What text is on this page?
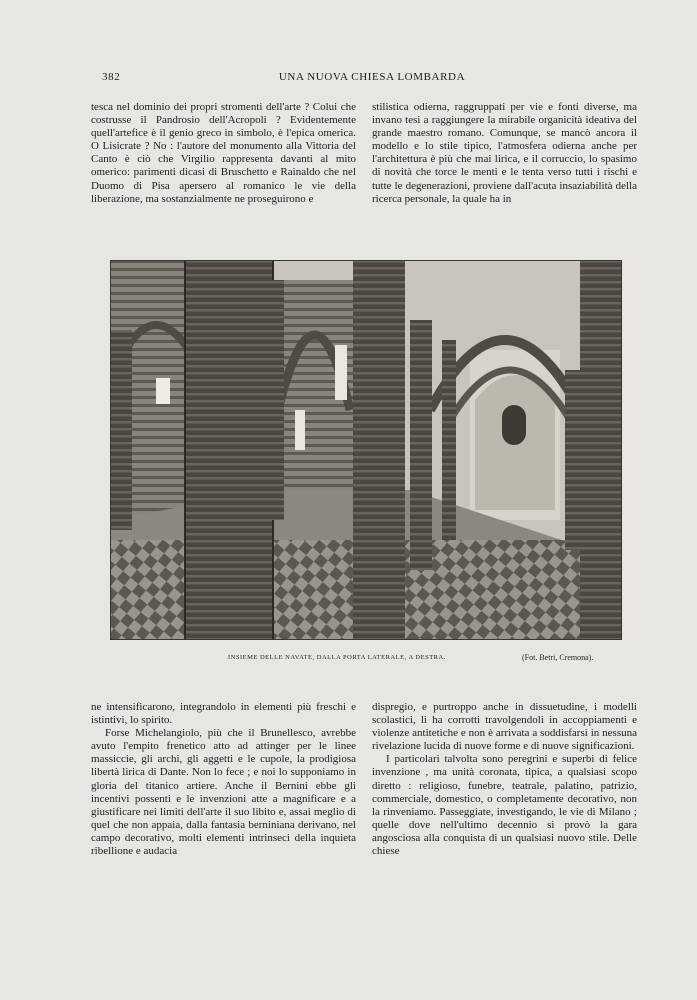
382	UNA NUOVA CHIESA LOMBARDA

tesca nel dominio dei propri stromenti dell'arte ? Colui che costrusse il Pandrosio dell'Acropoli ? Evidentemente quell'artefice è il genio greco in simbolo, è l'epica omerica. O Lisicrate ? No : l'autore del monumento alla Vittoria del Canto è ciò che Virgilio rappresenta davanti al mito omerico: parimenti dicasi di Bruschetto e Rainaldo che nel Duomo di Pisa apersero al romanico le vie della liberazione, ma sostanzialmente ne proseguirono e

stilistica odierna, raggruppati per vie e fonti diverse, ma invano tesi a raggiungere la mirabile organicità ideativa del grande maestro romano. Comunque, se mancò ancora il modello e lo stile tipico, l'atmosfera odierna anche per l'architettura è più che mai lirica, e il corruccio, lo spasimo di novità che torce le menti e le tenta verso tutti i rischi e tutte le degenerazioni, proviene dall'acuta insaziabilità della ricerca personale, la quale ha in

INSIEME DELLE NAVATE, DALLA PORTA LATERALE, A DESTRA.	(Fot. Betri, Cremona).

ne intensificarono, integrandolo in elementi più freschi e istintivi, lo spirito.

Forse Michelangiolo, più che il Brunellesco, avrebbe avuto l'empito frenetico atto ad attinger per le linee massiccie, gli archi, gli aggetti e le cupole, la prodigiosa libertà lirica di Dante. Non lo fece ; e noi lo supponiamo in gloria del titanico artiere. Anche il Bernini ebbe gli incentivi possenti e le invenzioni atte a magnificare e a giustificare nei limiti dell'arte il suo libito e, assai meglio di quel che non appaia, dalla fantasia berniniana derivano, nel campo decorativo, molti elementi intrinseci della inquieta ribellione e audacia

dispregio, e purtroppo anche in dissuetudine, i modelli scolastici, li ha corrotti travolgendoli in accoppiamenti e violenze antitetiche e non è arrivata a soddisfarsi in nessuna rivelazione lucida di nuove forme e di nuove significazioni.

I particolari talvolta sono peregrini e superbi di felice invenzione , ma unità coronata, tipica, a qualsiasi scopo diretto : religioso, funebre, teatrale, palatino, patrizio, commerciale, domestico, o completamente decorativo, non la rinveniamo. Passeggiate, investigando, le vie di Milano ; quelle dove nell'ultimo decennio si provò la gara angosciosa alla conquista di un qualsiasi nuovo stile. Delle chiese
